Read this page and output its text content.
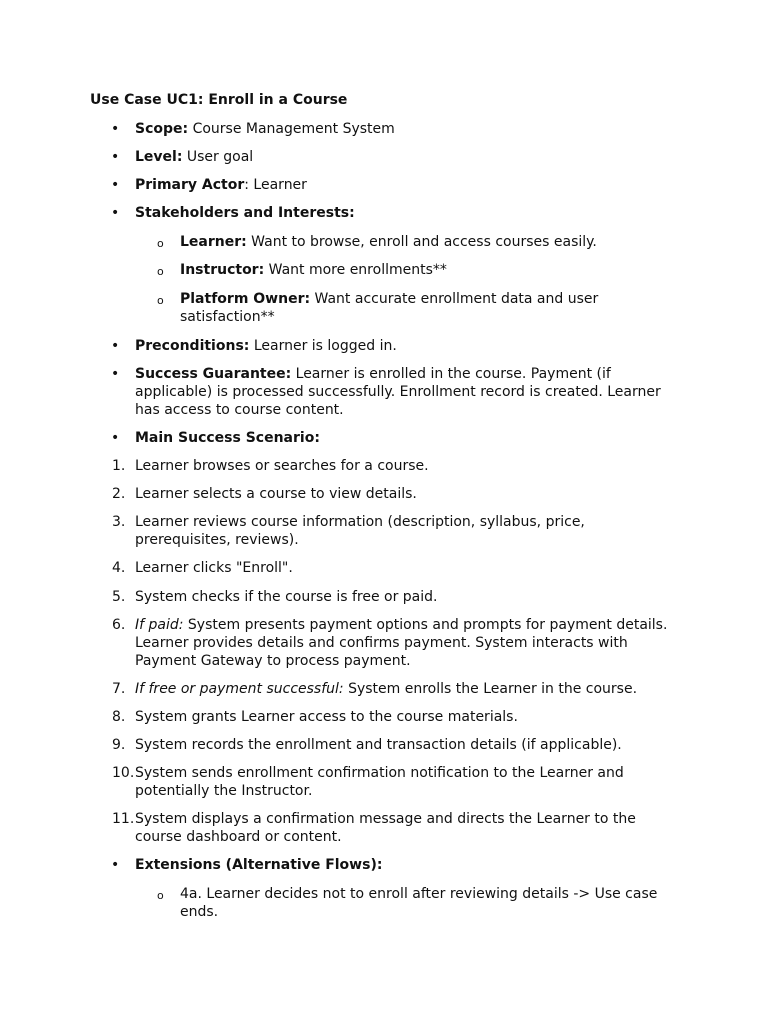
Use Case UC1: Enroll in a Course
• Scope: Course Management System
• Level: User goal
• Primary Actor: Learner
• Stakeholders and Interests:
o Learner: Want to browse, enroll and access courses easily.
o Instructor: Want more enrollments**
o Platform Owner: Want accurate enrollment data and user satisfaction**
• Preconditions: Learner is logged in.
• Success Guarantee: Learner is enrolled in the course. Payment (if applicable) is processed successfully. Enrollment record is created. Learner has access to course content.
• Main Success Scenario:
1. Learner browses or searches for a course.
2. Learner selects a course to view details.
3. Learner reviews course information (description, syllabus, price, prerequisites, reviews).
4. Learner clicks "Enroll".
5. System checks if the course is free or paid.
6. If paid: System presents payment options and prompts for payment details. Learner provides details and confirms payment. System interacts with Payment Gateway to process payment.
7. If free or payment successful: System enrolls the Learner in the course.
8. System grants Learner access to the course materials.
9. System records the enrollment and transaction details (if applicable).
10. System sends enrollment confirmation notification to the Learner and potentially the Instructor.
11. System displays a confirmation message and directs the Learner to the course dashboard or content.
• Extensions (Alternative Flows):
o 4a. Learner decides not to enroll after reviewing details -> Use case ends.
